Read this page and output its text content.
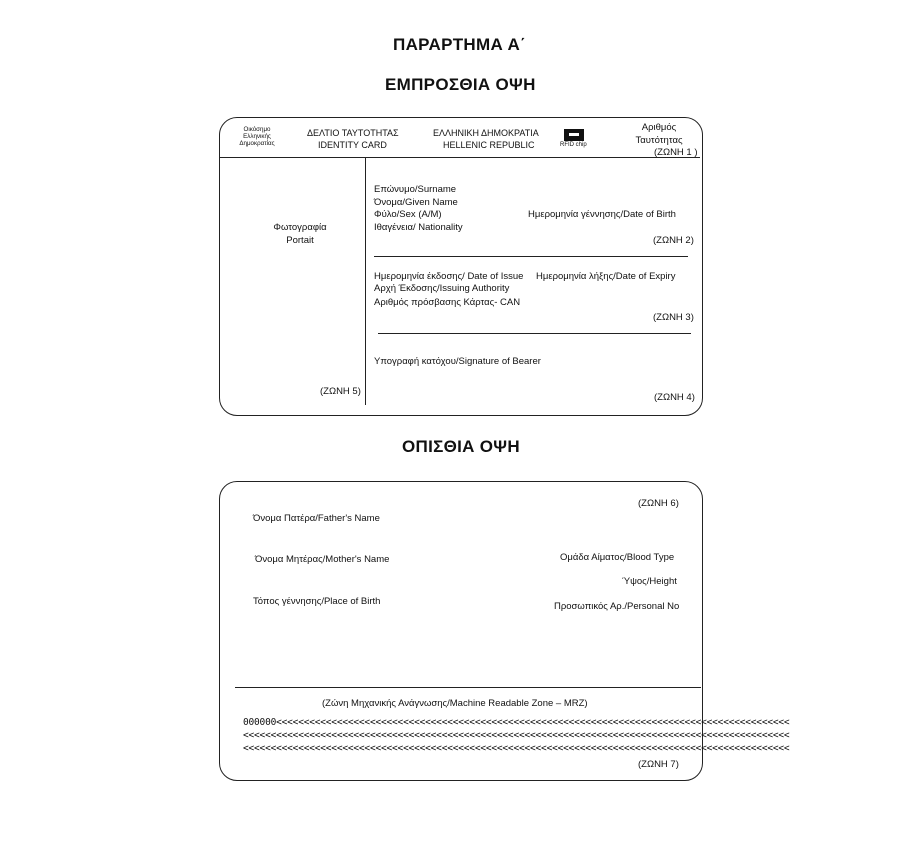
ΠΑΡΑΡΤΗΜΑ Α΄
ΕΜΠΡΟΣΘΙΑ ΟΨΗ
Οικόσημο
Ελληνικής
Δημοκρατίας
ΔΕΛΤΙΟ ΤΑΥΤΟΤΗΤΑΣ
IDENTITY CARD
ΕΛΛΗΝΙΚΗ ΔΗΜΟΚΡΑΤΙΑ
HELLENIC REPUBLIC	RFID chip
Αριθμός
Ταυτότητας
(ΖΩΝΗ 1 )
Φωτογραφία
Portait
(ΖΩΝΗ 5)
Επώνυμο/Surname
Όνομα/Given Name
Φύλο/Sex (Α/Μ)
Ιθαγένεια/ Nationality
Ημερομηνία γέννησης/Date of Birth
(ΖΩΝΗ 2)
Ημερομηνία έκδοσης/ Date of Issue Ημερομηνία λήξης/Date of Expiry
Αρχή Έκδοσης/Issuing Authority
Αριθμός πρόσβασης Κάρτας- CAN
(ΖΩΝΗ 3)
Υπογραφή κατόχου/Signature of Bearer
(ΖΩΝΗ 4)
ΟΠΙΣΘΙΑ ΟΨΗ
(ΖΩΝΗ 6)
Όνομα Πατέρα/Father's Name
Όνομα Μητέρας/Mother's Name
Τόπος γέννησης/Place of Birth
Ομάδα Αίματος/Blood Type
Ύψος/Height
Προσωπικός Αρ./Personal No
(Ζώνη Μηχανικής Ανάγνωσης/Machine Readable Zone – MRZ)
000000<<<<<<<<<<<<<<<<<<<<<<<<<<<<<<<<<<<<<<<<<<<<<<<<<<<<<<<<<<<<<<<<<<<<<<<<<<<<<<<<<<<<<<<<<<<<<
<<<<<<<<<<<<<<<<<<<<<<<<<<<<<<<<<<<<<<<<<<<<<<<<<<<<<<<<<<<<<<<<<<<<<<<<<<<<<<<<<<<<<<<<<<<<<<<<<<<
<<<<<<<<<<<<<<<<<<<<<<<<<<<<<<<<<<<<<<<<<<<<<<<<<<<<<<<<<<<<<<<<<<<<<<<<<<<<<<<<<<<<<<<<<<<<<<<<<<<
(ΖΩΝΗ 7)
